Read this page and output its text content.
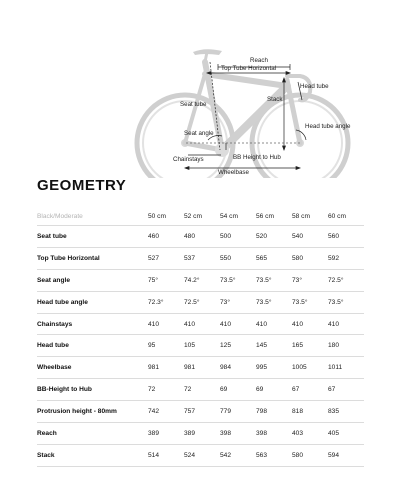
Reach
Top Tube Horizontal
Head tube
Stack
Seat tube
Head tube angle
Seat angle
Chainstays	BB Height to Hub
Wheelbase
GEOMETRY
Black/Moderate	50 cm	52 cm	54 cm	56 cm	58 cm	60 cm
Seat tube	460	480	500	520	540	560
Top Tube Horizontal	527	537	550	565	580	592
Seat angle	75°	74.2°	73.5°	73.5°	73°	72.5°
Head tube angle	72.3°	72.5°	73°	73.5°	73.5°	73.5°
Chainstays	410	410	410	410	410	410
Head tube	95	105	125	145	165	180
Wheelbase	981	981	984	995	1005	1011
BB-Height to Hub	72	72	69	69	67	67
Protrusion height - 80mm	742	757	779	798	818	835
Reach	389	389	398	398	403	405
Stack	514	524	542	563	580	594
